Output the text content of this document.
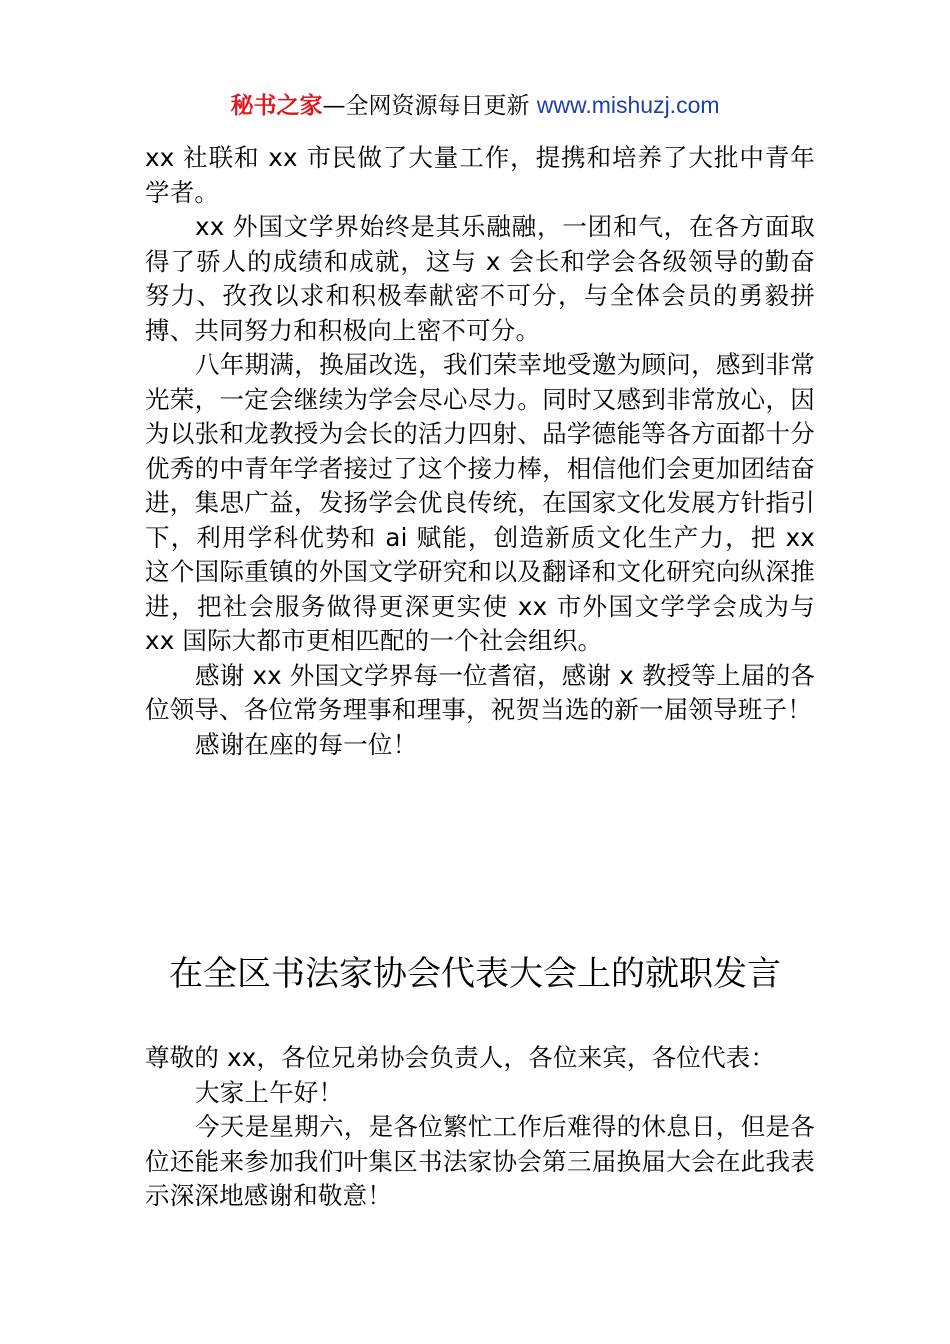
秘书之家—全网资源每日更新 www.mishuzj.com

xx 社联和 xx 市民做了大量工作，提携和培养了大批中青年学者。

xx 外国文学界始终是其乐融融，一团和气，在各方面取得了骄人的成绩和成就，这与 x 会长和学会各级领导的勤奋努力、孜孜以求和积极奉献密不可分，与全体会员的勇毅拼搏、共同努力和积极向上密不可分。

八年期满，换届改选，我们荣幸地受邀为顾问，感到非常光荣，一定会继续为学会尽心尽力。同时又感到非常放心，因为以张和龙教授为会长的活力四射、品学德能等各方面都十分优秀的中青年学者接过了这个接力棒，相信他们会更加团结奋进，集思广益，发扬学会优良传统，在国家文化发展方针指引下，利用学科优势和 ai 赋能，创造新质文化生产力，把 xx 这个国际重镇的外国文学研究和以及翻译和文化研究向纵深推进，把社会服务做得更深更实使 xx 市外国文学学会成为与 xx 国际大都市更相匹配的一个社会组织。

感谢 xx 外国文学界每一位耆宿，感谢 x 教授等上届的各位领导、各位常务理事和理事，祝贺当选的新一届领导班子！

感谢在座的每一位！

在全区书法家协会代表大会上的就职发言

尊敬的 xx，各位兄弟协会负责人，各位来宾，各位代表：

大家上午好！

今天是星期六，是各位繁忙工作后难得的休息日，但是各位还能来参加我们叶集区书法家协会第三届换届大会在此我表示深深地感谢和敬意！
